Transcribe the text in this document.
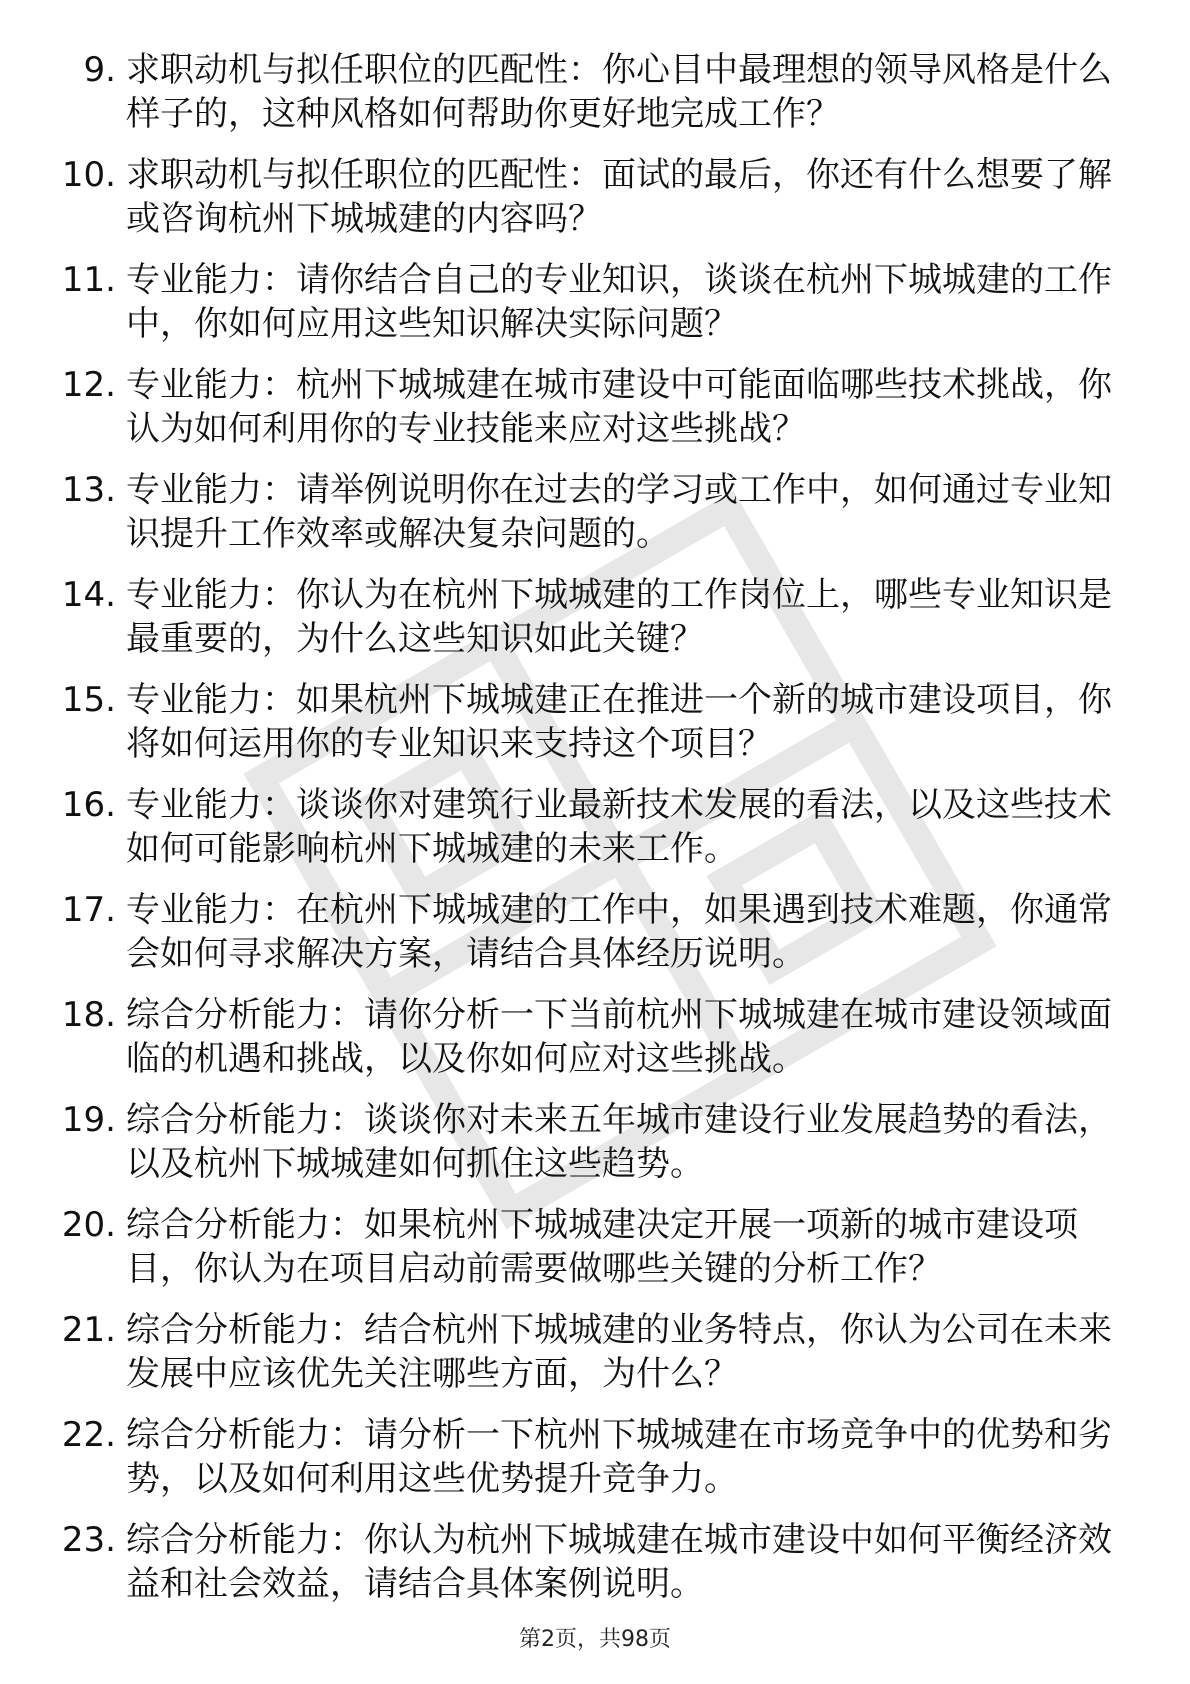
9. 求职动机与拟任职位的匹配性：你心目中最理想的领导风格是什么样子的，这种风格如何帮助你更好地完成工作？
10. 求职动机与拟任职位的匹配性：面试的最后，你还有什么想要了解或咨询杭州下城城建的内容吗？
11. 专业能力：请你结合自己的专业知识，谈谈在杭州下城城建的工作中，你如何应用这些知识解决实际问题？
12. 专业能力：杭州下城城建在城市建设中可能面临哪些技术挑战，你认为如何利用你的专业技能来应对这些挑战？
13. 专业能力：请举例说明你在过去的学习或工作中，如何通过专业知识提升工作效率或解决复杂问题的。
14. 专业能力：你认为在杭州下城城建的工作岗位上，哪些专业知识是最重要的，为什么这些知识如此关键？
15. 专业能力：如果杭州下城城建正在推进一个新的城市建设项目，你将如何运用你的专业知识来支持这个项目？
16. 专业能力：谈谈你对建筑行业最新技术发展的看法，以及这些技术如何可能影响杭州下城城建的未来工作。
17. 专业能力：在杭州下城城建的工作中，如果遇到技术难题，你通常会如何寻求解决方案，请结合具体经历说明。
18. 综合分析能力：请你分析一下当前杭州下城城建在城市建设领域面临的机遇和挑战，以及你如何应对这些挑战。
19. 综合分析能力：谈谈你对未来五年城市建设行业发展趋势的看法，以及杭州下城城建如何抓住这些趋势。
20. 综合分析能力：如果杭州下城城建决定开展一项新的城市建设项目，你认为在项目启动前需要做哪些关键的分析工作？
21. 综合分析能力：结合杭州下城城建的业务特点，你认为公司在未来发展中应该优先关注哪些方面，为什么？
22. 综合分析能力：请分析一下杭州下城城建在市场竞争中的优势和劣势，以及如何利用这些优势提升竞争力。
23. 综合分析能力：你认为杭州下城城建在城市建设中如何平衡经济效益和社会效益，请结合具体案例说明。
第2页，共98页
